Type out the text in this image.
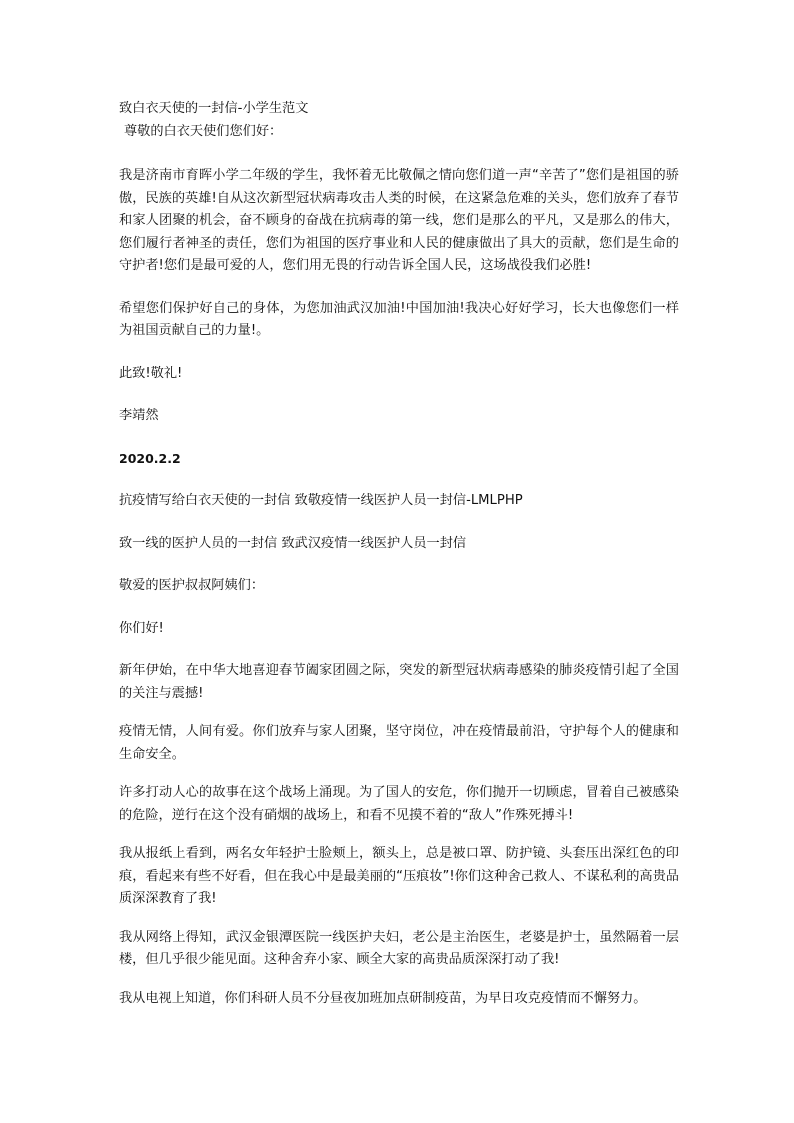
致白衣天使的一封信-小学生范文
尊敬的白衣天使们您们好：
我是济南市育晖小学二年级的学生，我怀着无比敬佩之情向您们道一声“辛苦了”您们是祖国的骄傲，民族的英雄!自从这次新型冠状病毒攻击人类的时候，在这紧急危难的关头，您们放弃了春节和家人团聚的机会，奋不顾身的奋战在抗病毒的第一线，您们是那么的平凡，又是那么的伟大，您们履行者神圣的责任，您们为祖国的医疗事业和人民的健康做出了具大的贡献，您们是生命的守护者!您们是最可爱的人，您们用无畏的行动告诉全国人民，这场战役我们必胜!
希望您们保护好自己的身体，为您加油武汉加油!中国加油!我决心好好学习，长大也像您们一样为祖国贡献自己的力量!。
此致!敬礼!
李靖然
2020.2.2
抗疫情写给白衣天使的一封信 致敬疫情一线医护人员一封信-LMLPHP
致一线的医护人员的一封信 致武汉疫情一线医护人员一封信
敬爱的医护叔叔阿姨们：
你们好!
新年伊始，在中华大地喜迎春节阖家团圆之际，突发的新型冠状病毒感染的肺炎疫情引起了全国的关注与震撼!
疫情无情，人间有爱。你们放弃与家人团聚，坚守岗位，冲在疫情最前沿，守护每个人的健康和生命安全。
许多打动人心的故事在这个战场上涌现。为了国人的安危，你们抛开一切顾虑，冒着自己被感染的危险，逆行在这个没有硝烟的战场上，和看不见摸不着的“敌人”作殊死搏斗!
我从报纸上看到，两名女年轻护士脸颊上，额头上，总是被口罩、防护镜、头套压出深红色的印痕，看起来有些不好看，但在我心中是最美丽的“压痕妆”!你们这种舍己救人、不谋私利的高贵品质深深教育了我!
我从网络上得知，武汉金银潭医院一线医护夫妇，老公是主治医生，老婆是护士，虽然隔着一层楼，但几乎很少能见面。这种舍弃小家、顾全大家的高贵品质深深打动了我!
我从电视上知道，你们科研人员不分昼夜加班加点研制疫苗，为早日攻克疫情而不懈努力。
